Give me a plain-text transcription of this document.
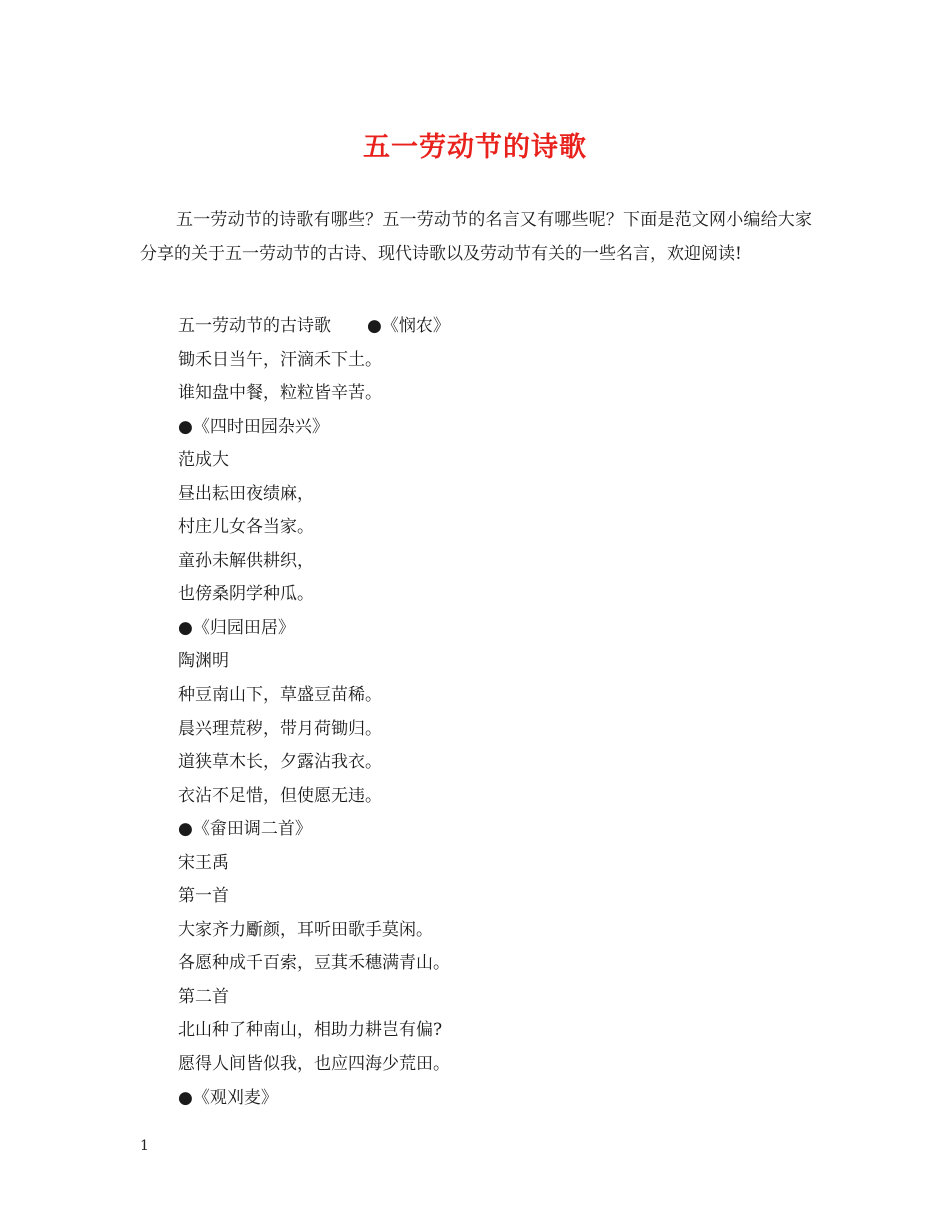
五一劳动节的诗歌

五一劳动节的诗歌有哪些？五一劳动节的名言又有哪些呢？下面是范文网小编给大家分享的关于五一劳动节的古诗、现代诗歌以及劳动节有关的一些名言，欢迎阅读!

五一劳动节的古诗歌 ●《悯农》
锄禾日当午，汗滴禾下土。
谁知盘中餐，粒粒皆辛苦。
●《四时田园杂兴》
范成大
昼出耘田夜绩麻，
村庄儿女各当家。
童孙未解供耕织，
也傍桑阴学种瓜。
●《归园田居》
陶渊明
种豆南山下，草盛豆苗稀。
晨兴理荒秽，带月荷锄归。
道狭草木长，夕露沾我衣。
衣沾不足惜，但使愿无违。
●《畲田调二首》
宋王禹
第一首
大家齐力斸颜，耳听田歌手莫闲。
各愿种成千百索，豆萁禾穗满青山。
第二首
北山种了种南山，相助力耕岂有偏?
愿得人间皆似我，也应四海少荒田。
●《观刈麦》
1
